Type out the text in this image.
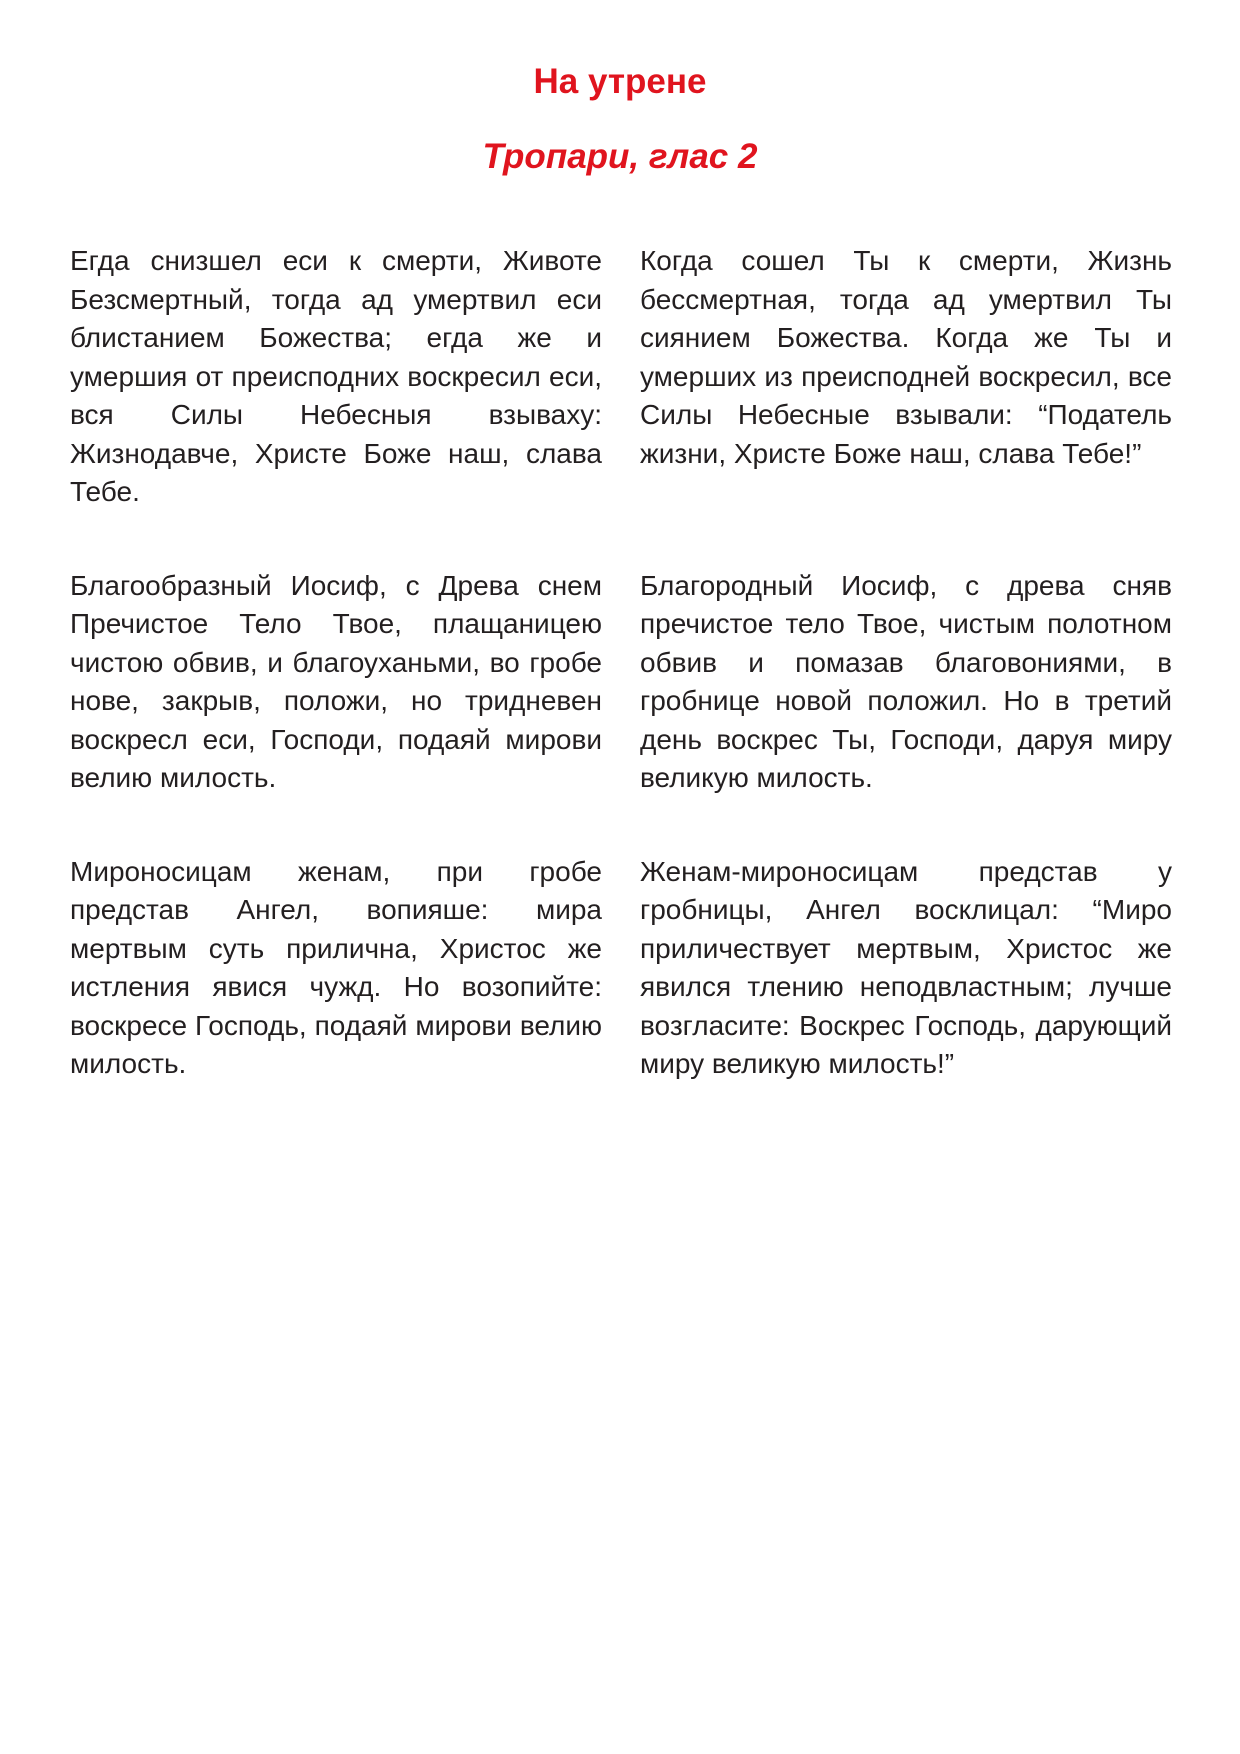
На утрене
Тропари, глас 2

Егда снизшел еси к смерти, Животе Безсмертный, тогда ад умертвил еси блистанием Божества; егда же и умершия от преисподних воскресил еси, вся Силы Небесныя взываху: Жизнодавче, Христе Боже наш, слава Тебе.

Когда сошел Ты к смерти, Жизнь бессмертная, тогда ад умертвил Ты сиянием Божества. Когда же Ты и умерших из преисподней воскресил, все Силы Небесные взывали: “Податель жизни, Христе Боже наш, слава Тебе!”

Благообразный Иосиф, с Древа снем Пречистое Тело Твое, плащаницею чистою обвив, и благоуханьми, во гробе нове, закрыв, положи, но тридневен воскресл еси, Господи, подаяй мирови велию милость.

Благородный Иосиф, с древа сняв пречистое тело Твое, чистым полотном обвив и помазав благовониями, в гробнице новой положил. Но в третий день воскрес Ты, Господи, даруя миру великую милость.

Мироносицам женам, при гробе представ Ангел, вопияше: мира мертвым суть прилична, Христос же истления явися чужд. Но возопийте: воскресе Господь, подаяй мирови велию милость.

Женам-мироносицам представ у гробницы, Ангел восклицал: “Миро приличествует мертвым, Христос же явился тлению неподвластным; лучше возгласите: Воскрес Господь, дарующий миру великую милость!”
